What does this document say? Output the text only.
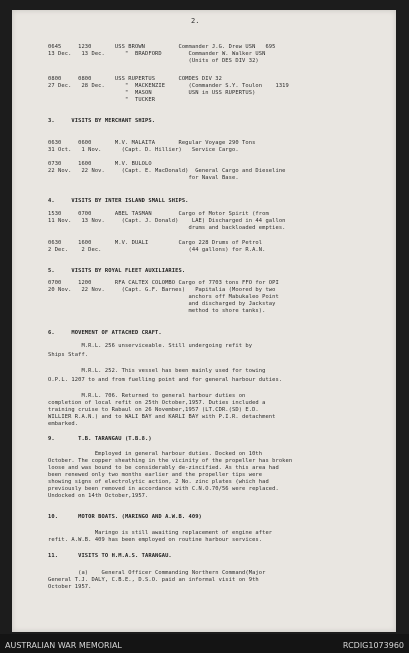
2.
0645     1230       USS BROWN          Commander J.G. Drew USN   695
13 Dec.   13 Dec.      "  BRADFORD        Commander W. Walker USN
(Units of DES DIV 32)
0800     0800       USS RUPERTUS       COMDES DIV 32
27 Dec.   28 Dec.      "  MACKENZIE       (Commander S.Y. Toulon    1319
"  MASON           USN in USS RUPERTUS)
"  TUCKER
3.     VISITS BY MERCHANT SHIPS.
0630     0600       M.V. MALAITA       Regular Voyage 290 Tons
31 Oct.   1 Nov.      (Capt. D. Hillier)   Service Cargo.
0730     1600       M.V. BULOLO
22 Nov.   22 Nov.     (Capt. E. MacDonald)  General Cargo and Dieseline
for Naval Base.
4.     VISITS BY INTER ISLAND SMALL SHIPS.
1530     0700       ABEL TASMAN        Cargo of Motor Spirit (from
11 Nov.   13 Nov.     (Capt. J. Donald)    LAE) Discharged in 44 gallon
drums and backloaded empties.
0630     1600       M.V. DUALI         Cargo 228 Drums of Petrol
2 Dec.    2 Dec.                          (44 gallons) for R.A.N.
5.     VISITS BY ROYAL FLEET AUXILIARIES.
0700     1200       RFA CALTEX COLOMBO Cargo of 7703 tons FFO for OPI
20 Nov.   22 Nov.     (Capt. G.F. Barnes)   Papitalia (Moored by two
anchors off Mabukaleo Point
and discharged by Jackstay
method to shore tanks).
6.     MOVEMENT OF ATTACHED CRAFT.
M.R.L. 256 unserviceable. Still undergoing refit by
Ships Staff.
M.R.L. 252. This vessel has been mainly used for towing
O.P.L. 1207 to and from fuelling point and for general harbour duties.
M.R.L. 706. Returned to general harbour duties on
completion of local refit on 25th October,1957. Duties included a
training cruise to Rabaul on 26 November,1957 (LT.CDR.(SD) E.D.
WILLIER R.A.N.) and to WALI BAY and KARLI BAY with P.I.R. detachment
embarked.
9.       T.B. TARANGAU (T.B.8.)
Employed in general harbour duties. Docked on 10th
October. The copper sheathing in the vicinity of the propeller has broken
loose and was bound to be considerably de-zincified. As this area had
been renewed only two months earlier and the propeller tips were
showing signs of electrolytic action, 2 No. zinc plates (which had
previously been removed in accordance with C.N.O.70/56 were replaced.
Undocked on 14th October,1957.
10.      MOTOR BOATS. (MARINGO AND A.W.B. 409)
Maringo is still awaiting replacement of engine after
refit. A.W.B. 409 has been employed on routine harbour services.
11.      VISITS TO H.M.A.S. TARANGAU.
(a)    General Officer Commanding Northern Command(Major
General T.J. DALY, C.B.E., D.S.O. paid an informal visit on 9th
October 1957.
AUSTRALIAN WAR MEMORIAL	RCDIG1073960
